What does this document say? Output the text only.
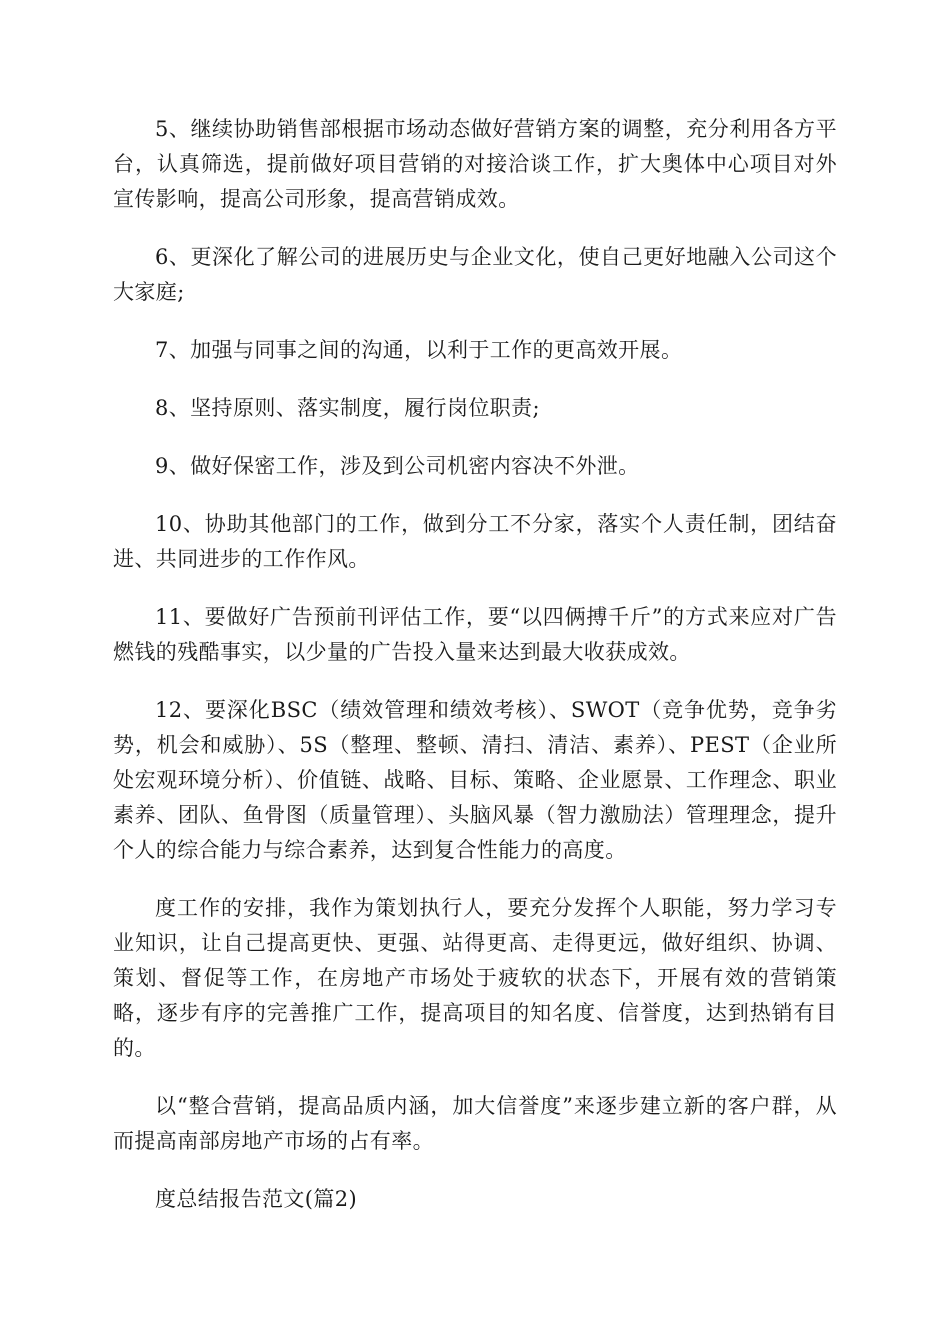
5、继续协助销售部根据市场动态做好营销方案的调整，充分利用各方平台，认真筛选，提前做好项目营销的对接洽谈工作，扩大奥体中心项目对外宣传影响，提高公司形象，提高营销成效。

6、更深化了解公司的进展历史与企业文化，使自己更好地融入公司这个大家庭;

7、加强与同事之间的沟通，以利于工作的更高效开展。

8、坚持原则、落实制度，履行岗位职责;

9、做好保密工作，涉及到公司机密内容决不外泄。

10、协助其他部门的工作，做到分工不分家，落实个人责任制，团结奋进、共同进步的工作作风。

11、要做好广告预前刊评估工作，要“以四俩搏千斤”的方式来应对广告燃钱的残酷事实，以少量的广告投入量来达到最大收获成效。

12、要深化BSC（绩效管理和绩效考核）、SWOT（竞争优势，竞争劣势，机会和威胁）、5S（整理、整顿、清扫、清洁、素养）、PEST（企业所处宏观环境分析）、价值链、战略、目标、策略、企业愿景、工作理念、职业素养、团队、鱼骨图（质量管理）、头脑风暴（智力激励法）管理理念，提升个人的综合能力与综合素养，达到复合性能力的高度。

度工作的安排，我作为策划执行人，要充分发挥个人职能，努力学习专业知识，让自己提高更快、更强、站得更高、走得更远，做好组织、协调、策划、督促等工作，在房地产市场处于疲软的状态下，开展有效的营销策略，逐步有序的完善推广工作，提高项目的知名度、信誉度，达到热销有目的。

以“整合营销，提高品质内涵，加大信誉度”来逐步建立新的客户群，从而提高南部房地产市场的占有率。

度总结报告范文(篇2)
